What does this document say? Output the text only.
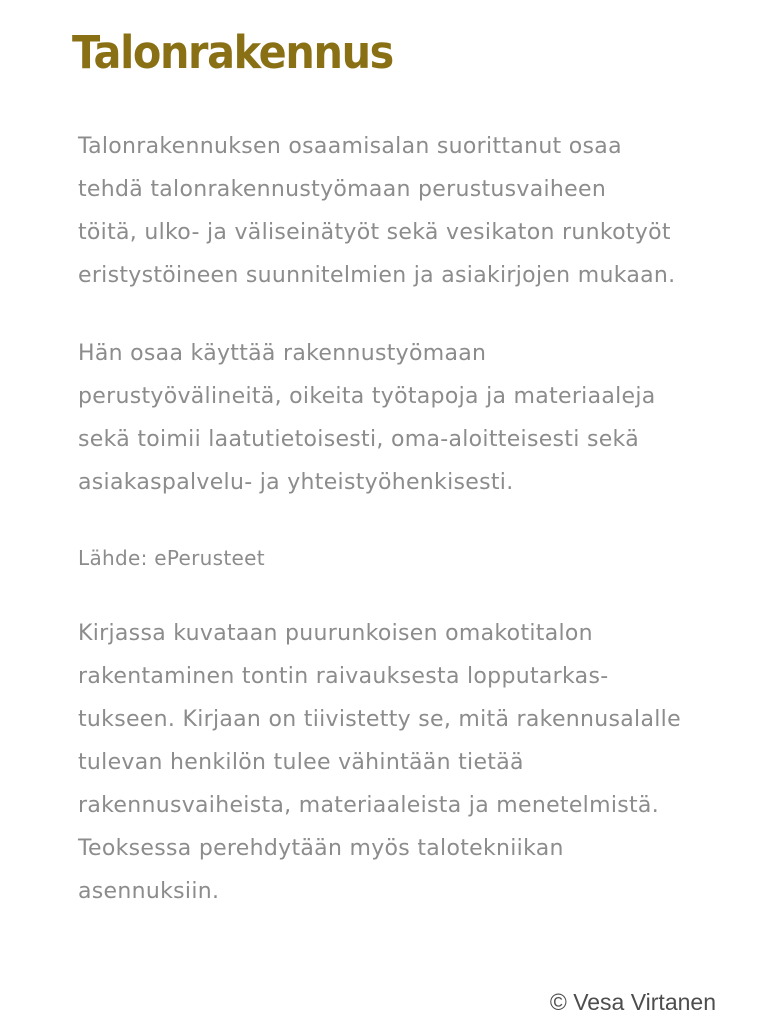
Talonrakennus
Talonrakennuksen osaamisalan suorittanut osaa
tehdä talonrakennustyömaan perustusvaiheen
töitä, ulko- ja väliseinätyöt sekä vesikaton runkotyöt
eristystöineen suunnitelmien ja asiakirjojen mukaan.
Hän osaa käyttää rakennustyömaan
perustyövälineitä, oikeita työtapoja ja materiaaleja
sekä toimii laatutietoisesti, oma-aloitteisesti sekä
asiakaspalvelu- ja yhteistyöhenkisesti.
Lähde: ePerusteet
Kirjassa kuvataan puurunkoisen omakotitalon
rakentaminen tontin raivauksesta lopputarkas-
tukseen. Kirjaan on tiivistetty se, mitä rakennusalalle
tulevan henkilön tulee vähintään tietää
rakennusvaiheista, materiaaleista ja menetelmistä.
Teoksessa perehdytään myös talotekniikan
asennuksiin.
© Vesa Virtanen
